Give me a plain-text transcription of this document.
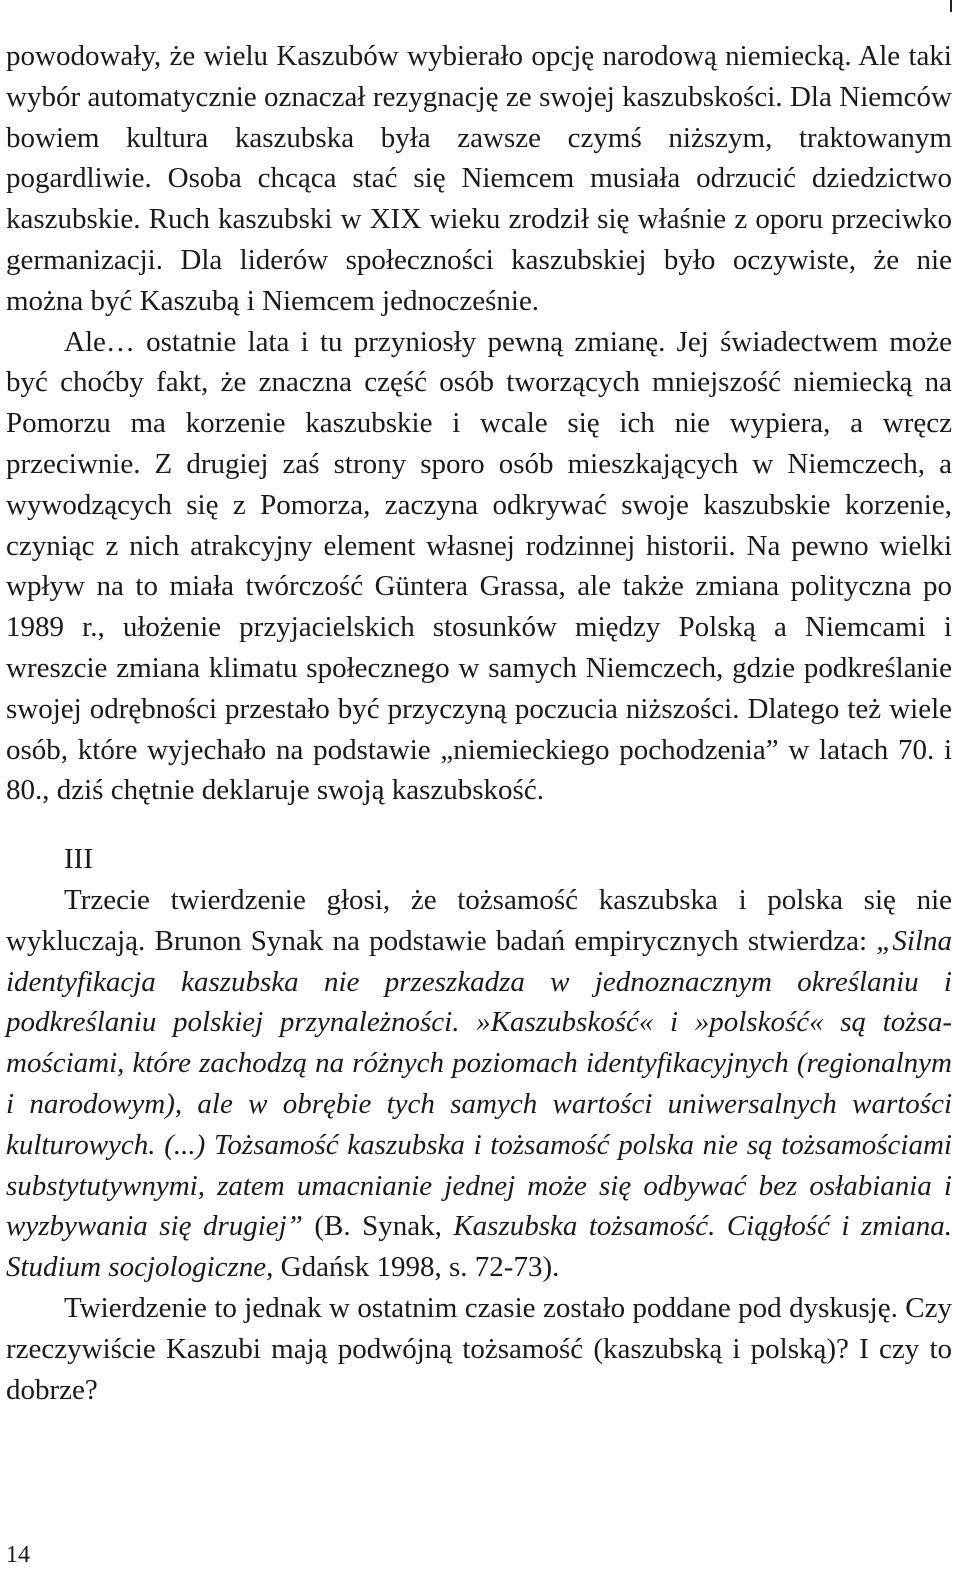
powodowały, że wielu Kaszubów wybierało opcję narodową niemiecką. Ale taki wybór automatycznie oznaczał rezygnację ze swojej kaszubskości. Dla Niemców bowiem kultura kaszubska była zawsze czymś niższym, traktowanym pogardliwie. Osoba chcąca stać się Niemcem musiała odrzucić dziedzictwo kaszubskie. Ruch kaszubski w XIX wieku zrodził się właśnie z oporu przeciwko germanizacji. Dla liderów społeczności kaszubskiej było oczywiste, że nie można być Kaszubą i Niemcem jednocześnie.

Ale… ostatnie lata i tu przyniosły pewną zmianę. Jej świadectwem może być choćby fakt, że znaczna część osób tworzących mniejszość niemiecką na Pomorzu ma korzenie kaszubskie i wcale się ich nie wypiera, a wręcz przeciwnie. Z drugiej zaś strony sporo osób mieszkających w Niemczech, a wywodzących się z Pomorza, zaczyna odkrywać swoje kaszubskie korzenie, czyniąc z nich atrakcyjny element własnej rodzinnej historii. Na pewno wielki wpływ na to miała twórczość Güntera Grassa, ale także zmiana polityczna po 1989 r., ułożenie przyjacielskich stosunków między Polską a Niemcami i wreszcie zmiana klimatu społecznego w samych Niemczech, gdzie podkreślanie swojej odrębności przestało być przyczyną poczucia niższości. Dlatego też wiele osób, które wyjechało na podstawie „niemieckiego pochodzenia” w latach 70. i 80., dziś chętnie deklaruje swoją kaszubskość.

III

Trzecie twierdzenie głosi, że tożsamość kaszubska i polska się nie wykluczają. Brunon Synak na podstawie badań empirycznych stwierdza: „Silna identyfikacja kaszubska nie przeszkadza w jednoznacznym określaniu i podkreślaniu polskiej przynależności. »Kaszubskość« i »polskość« są tożsamościami, które zachodzą na różnych poziomach identyfikacyjnych (regionalnym i narodowym), ale w obrębie tych samych wartości uniwersalnych wartości kulturowych. (...) Tożsamość kaszubska i tożsamość polska nie są tożsamościami substytutywnymi, zatem umacnianie jednej może się odbywać bez osłabiania i wyzbywania się drugiej” (B. Synak, Kaszubska tożsamość. Ciągłość i zmiana. Studium socjologiczne, Gdańsk 1998, s. 72-73).

Twierdzenie to jednak w ostatnim czasie zostało poddane pod dyskusję. Czy rzeczywiście Kaszubi mają podwójną tożsamość (kaszubską i polską)? I czy to dobrze?

14
